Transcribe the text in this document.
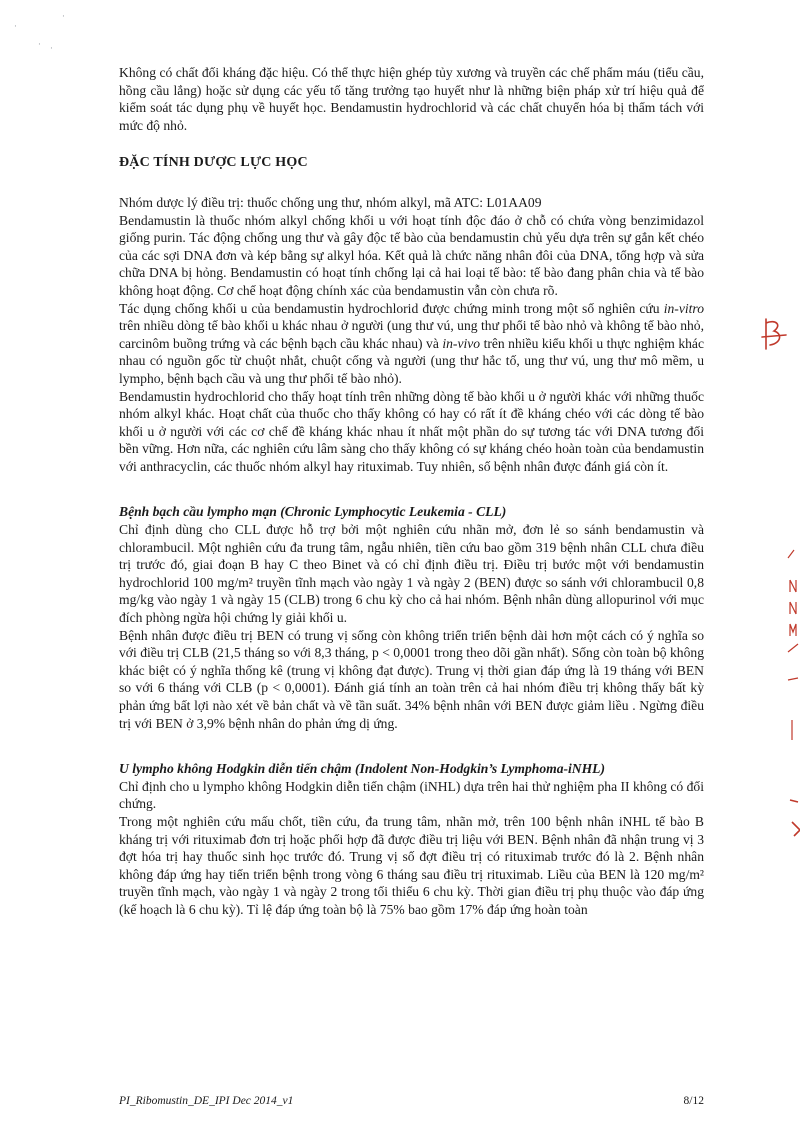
·
· ·
·

Không có chất đối kháng đặc hiệu. Có thể thực hiện ghép tủy xương và truyền các chế phẩm máu (tiểu cầu, hồng cầu lắng) hoặc sử dụng các yếu tố tăng trưởng tạo huyết như là những biện pháp xử trí hiệu quả để kiểm soát tác dụng phụ về huyết học. Bendamustin hydrochlorid và các chất chuyển hóa bị thẩm tách với mức độ nhỏ.

ĐẶC TÍNH DƯỢC LỰC HỌC

Nhóm dược lý điều trị: thuốc chống ung thư, nhóm alkyl, mã ATC: L01AA09

Bendamustin là thuốc nhóm alkyl chống khối u với hoạt tính độc đáo ở chỗ có chứa vòng benzimidazol giống purin. Tác động chống ung thư và gây độc tế bào của bendamustin chủ yếu dựa trên sự gắn kết chéo của các sợi DNA đơn và kép bằng sự alkyl hóa. Kết quả là chức năng nhân đôi của DNA, tổng hợp và sửa chữa DNA bị hỏng. Bendamustin có hoạt tính chống lại cả hai loại tế bào: tế bào đang phân chia và tế bào không hoạt động. Cơ chế hoạt động chính xác của bendamustin vẫn còn chưa rõ.

Tác dụng chống khối u của bendamustin hydrochlorid được chứng minh trong một số nghiên cứu in-vitro trên nhiều dòng tế bào khối u khác nhau ở người (ung thư vú, ung thư phổi tế bào nhỏ và không tế bào nhỏ, carcinôm buồng trứng và các bệnh bạch cầu khác nhau) và in-vivo trên nhiều kiểu khối u thực nghiệm khác nhau có nguồn gốc từ chuột nhắt, chuột cống và người (ung thư hắc tố, ung thư vú, ung thư mô mềm, u lympho, bệnh bạch cầu và ung thư phổi tế bào nhỏ).

Bendamustin hydrochlorid cho thấy hoạt tính trên những dòng tế bào khối u ở người khác với những thuốc nhóm alkyl khác. Hoạt chất của thuốc cho thấy không có hay có rất ít đề kháng chéo với các dòng tế bào khối u ở người với các cơ chế đề kháng khác nhau ít nhất một phần do sự tương tác với DNA tương đối bền vững. Hơn nữa, các nghiên cứu lâm sàng cho thấy không có sự kháng chéo hoàn toàn của bendamustin với anthracyclin, các thuốc nhóm alkyl hay rituximab. Tuy nhiên, số bệnh nhân được đánh giá còn ít.

Bệnh bạch cầu lympho mạn (Chronic Lymphocytic Leukemia - CLL)

Chỉ định dùng cho CLL được hỗ trợ bởi một nghiên cứu nhãn mở, đơn lẻ so sánh bendamustin và chlorambucil. Một nghiên cứu đa trung tâm, ngẫu nhiên, tiền cứu bao gồm 319 bệnh nhân CLL chưa điều trị trước đó, giai đoạn B hay C theo Binet và có chỉ định điều trị. Điều trị bước một với bendamustin hydrochlorid 100 mg/m² truyền tĩnh mạch vào ngày 1 và ngày 2 (BEN) được so sánh với chlorambucil 0,8 mg/kg vào ngày 1 và ngày 15 (CLB) trong 6 chu kỳ cho cả hai nhóm. Bệnh nhân dùng allopurinol với mục đích phòng ngừa hội chứng ly giải khối u.

Bệnh nhân được điều trị BEN có trung vị sống còn không triển triển bệnh dài hơn một cách có ý nghĩa so với điều trị CLB (21,5 tháng so với 8,3 tháng, p < 0,0001 trong theo dõi gần nhất). Sống còn toàn bộ không khác biệt có ý nghĩa thống kê (trung vị không đạt được). Trung vị thời gian đáp ứng là 19 tháng với BEN so với 6 tháng với CLB (p < 0,0001). Đánh giá tính an toàn trên cả hai nhóm điều trị không thấy bất kỳ phản ứng bất lợi nào xét về bản chất và về tần suất. 34% bệnh nhân với BEN được giảm liều . Ngừng điều trị với BEN ở 3,9% bệnh nhân do phản ứng dị ứng.

U lympho không Hodgkin diễn tiến chậm (Indolent Non-Hodgkin’s Lymphoma-iNHL)

Chỉ định cho u lympho không Hodgkin diễn tiến chậm (iNHL) dựa trên hai thử nghiệm pha II không có đối chứng.

Trong một nghiên cứu mấu chốt, tiền cứu, đa trung tâm, nhãn mở, trên 100 bệnh nhân iNHL tế bào B kháng trị với rituximab đơn trị hoặc phối hợp đã được điều trị liệu với BEN. Bệnh nhân đã nhận trung vị 3 đợt hóa trị hay thuốc sinh học trước đó. Trung vị số đợt điều trị có rituximab trước đó là 2. Bệnh nhân không đáp ứng hay tiến triển bệnh trong vòng 6 tháng sau điều trị rituximab. Liều của BEN là 120 mg/m² truyền tĩnh mạch, vào ngày 1 và ngày 2 trong tối thiểu 6 chu kỳ. Thời gian điều trị phụ thuộc vào đáp ứng (kế hoạch là 6 chu kỳ). Tỉ lệ đáp ứng toàn bộ là 75% bao gồm 17% đáp ứng hoàn toàn

PI_Ribomustin_DE_IPI Dec 2014_v1	8/12
